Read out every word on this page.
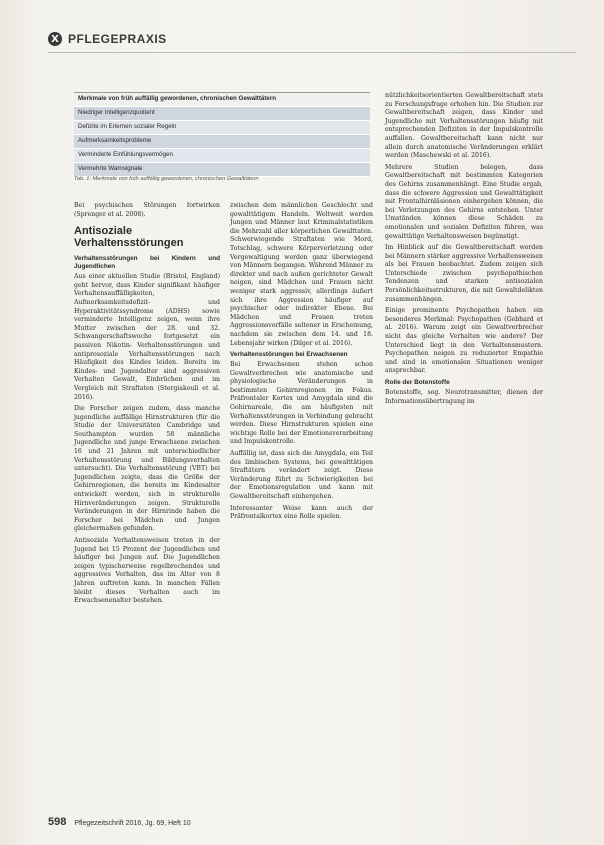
X PFLEGEPRAXIS
Merkmale von früh auffällig gewordenen, chronischen Gewalttätern
Niedriger Intelligenzquotient
Defizite im Erlernen sozialer Regeln
Aufmerksamkeitsprobleme
Verminderte Einfühlungsvermögen
Vermehrte Warnsignale
Tab. 1: Merkmale von früh auffällig gewordenen, chronischen Gewalttätern

Bei psychischen Störungen fortwirken (Sprenger et al. 2008).

Antisoziale Verhaltensstörungen
Verhaltensstörungen bei Kindern und Jugendlichen

Aus einer aktuellen Studie (Bristol, England) geht hervor, dass Kinder signifikant häufiger Verhaltensauffälligkeiten, Aufmerksamkeitsdefizit- und Hyperaktivitätssyndrome (ADHS) sowie verminderte Intelligenz zeigen, wenn ihre Mutter zwischen der 28. und 32. Schwangerschaftswoche fortgesetzt ein passiven Nikotin- Verhaltensstörungen und antiprosoziale Verhaltensstörungen nach Häufigkeit des Kindes leiden. Bereits im Kindes- und Jugendalter sind aggressiven Verhalten Gewalt, Einbrüchen und im Vergleich mit Straftaten (Stergiakouli et al. 2016).

Die Forscher zeigen zudem, dass manche jugendliche auffällige Hirnstrukturen (für die Studie der Universitäten Cambridge und Southampton wurden 58 männliche Jugendliche und junge Erwachsene zwischen 16 und 21 Jahren mit unterschiedlicher Verhaltensstörung und Bildungsverhalten untersucht). Die Verhaltensstörung (VBT) bei Jugendlichen zeigte, dass die Größe der Gehirnregionen, die bereits im Kindesalter entwickelt werden, sich in strukturelle Hirnveränderungen zeigen. Strukturelle Veränderungen in der Hirnrinde haben die Forscher bei Mädchen und Jungen gleichermaßen gefunden.

Antisoziale Verhaltensweisen treten in der Jugend bei 15 Prozent der Jugendlichen und häufiger bei Jungen auf. Die Jugendlichen zeigen typischerweise regelbrechendes und aggressives Verhalten, das im Alter von 8 Jahren auftreten kann. In manchen Fällen bleibt dieses Verhalten auch im Erwachsenenalter bestehen.

zwischen dem männlichen Geschlecht und gewalttätigem Handeln. Weltweit werden Jungen und Männer laut Kriminalstatistiken die Mehrzahl aller körperlichen Gewalttaten. Schwerwiegende Straftaten wie Mord, Totschlag, schwere Körperverletzung oder Vergewaltigung werden ganz überwiegend von Männern begangen. Während Männer zu direkter und nach außen gerichteter Gewalt neigen, sind Mädchen und Frauen nicht weniger stark aggressiv, allerdings äußert sich ihre Aggression häufiger auf psychischer oder indirekter Ebene. Bei Mädchen und Frauen treten Aggressionsvorfälle seltener in Erscheinung, nachdem sie zwischen dem 14. und 18. Lebensjahr wirken (Dilger et al. 2016).

Verhaltensstörungen bei Erwachsenen

Bei Erwachsenen stehen schon Gewaltverbrechen wie anatomische und physiologische Veränderungen in bestimmten Gehirnregionen im Fokus. Präfrontaler Kortex und Amygdala sind die Gehirnareale, die am häufigsten mit Verhaltensstörungen in Verbindung gebracht werden. Diese Hirnstrukturen spielen eine wichtige Rolle bei der Emotionsverarbeitung und Impulskontrolle.

Auffällig ist, dass sich die Amygdala, ein Teil des limbischen Systems, bei gewalttätigen Straftätern verändert zeigt. Diese Veränderung führt zu Schwierigkeiten bei der Emotionsregulation und kann mit Gewaltbereitschaft einhergehen.

Interessanter Weise kann auch der Präfrontalkortex eine Rolle spielen.

nützlichkeitsorientierten Gewaltbereitschaft stets zu Forschungsfrage erhoben hin. Die Studien zur Gewaltbereitschaft zeigen, dass Kinder und Jugendliche mit Verhaltensstörungen häufig mit entsprechenden Defiziten in der Impulskontrolle auffallen. Gewaltbereitschaft kann nicht nur allein durch anatomische Veränderungen erklärt werden (Maschewski et al. 2016).

Mehrere Studien belegen, dass Gewaltbereitschaft mit bestimmten Kategorien des Gehirns zusammenhängt. Eine Studie ergab, dass die schwere Aggression und Gewalttätigkeit mit Frontalhirnläsionen einhergehen können, die bei Verletzungen des Gehirns entstehen. Unter Umständen können diese Schäden zu emotionalen und sozialen Defiziten führen, was gewalttätige Verhaltensweisen begünstigt.

Im Hinblick auf die Gewaltbereitschaft werden bei Männern stärker aggressive Verhaltensweisen als bei Frauen beobachtet. Zudem zeigen sich Unterschiede zwischen psychopathischen Tendenzen und starken antisozialen Persönlichkeitsstrukturen, die mit Gewaltdelikten zusammenhängen.

Einige prominente Psychopathen haben ein besonderes Merkmal: Psychopathen (Gebhard et al. 2016). Warum zeigt ein Gewaltverbrecher nicht das gleiche Verhalten wie andere? Der Unterschied liegt in den Verhaltensmustern. Psychopathen neigen zu reduzierter Empathie und sind in emotionalen Situationen weniger ansprechbar.

Rolle der Botenstoffe

Botenstoffe, sog. Neurotransmitter, dienen der Informationsübertragung im

598 Pflegezeitschrift 2016, Jg. 69, Heft 10
